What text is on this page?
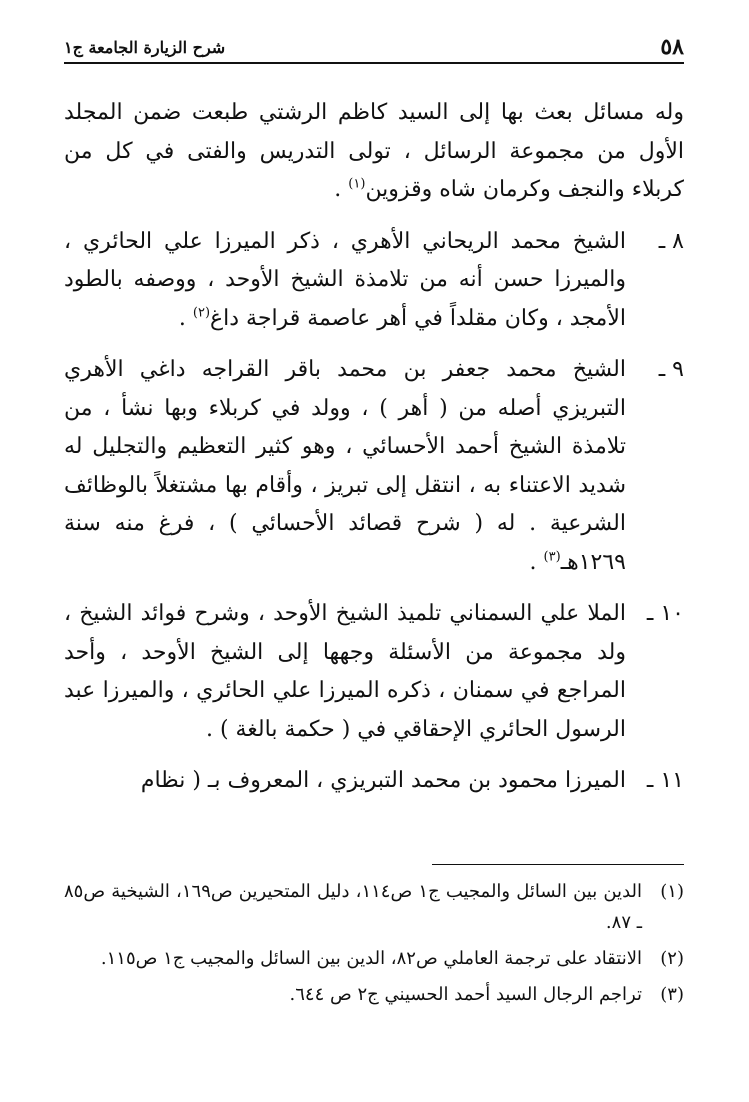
٥٨
شرح الزيارة الجامعة ج١

وله مسائل بعث بها إلى السيد كاظم الرشتي طبعت ضمن المجلد الأول من مجموعة الرسائل ، تولى التدريس والفتى في كل من كربلاء والنجف وكرمان شاه وقزوين$^{(١)}$ .

٨ ـ
الشيخ محمد الريحاني الأهري ، ذكر الميرزا علي الحائري ، والميرزا حسن أنه من تلامذة الشيخ الأوحد ، ووصفه بالطود الأمجد ، وكان مقلداً في أهر عاصمة قراجة داغ$^{(٢)}$ .
٩ ـ
الشيخ محمد جعفر بن محمد باقر القراجه داغي الأهري التبريزي أصله من ( أهر ) ، وولد في كربلاء وبها نشأ ، من تلامذة الشيخ أحمد الأحسائي ، وهو كثير التعظيم والتجليل له شديد الاعتناء به ، انتقل إلى تبريز ، وأقام بها مشتغلاً بالوظائف الشرعية . له ( شرح قصائد الأحسائي ) ، فرغ منه سنة ١٢٦٩هـ$^{(٣)}$ .
١٠ ـ
الملا علي السمناني تلميذ الشيخ الأوحد ، وشرح فوائد الشيخ ، ولد مجموعة من الأسئلة وجهها إلى الشيخ الأوحد ، وأحد المراجع في سمنان ، ذكره الميرزا علي الحائري ، والميرزا عبد الرسول الحائري الإحقاقي في ( حكمة بالغة ) .
١١ ـ
الميرزا محمود بن محمد التبريزي ، المعروف بـ ( نظام
(١)
الدين بين السائل والمجيب ج١ ص١١٤، دليل المتحيرين ص١٦٩، الشيخية ص٨٥ ـ ٨٧.
(٢)
الانتقاد على ترجمة العاملي ص٨٢، الدين بين السائل والمجيب ج١ ص١١٥.
(٣)
تراجم الرجال السيد أحمد الحسيني ج٢ ص ٦٤٤.
